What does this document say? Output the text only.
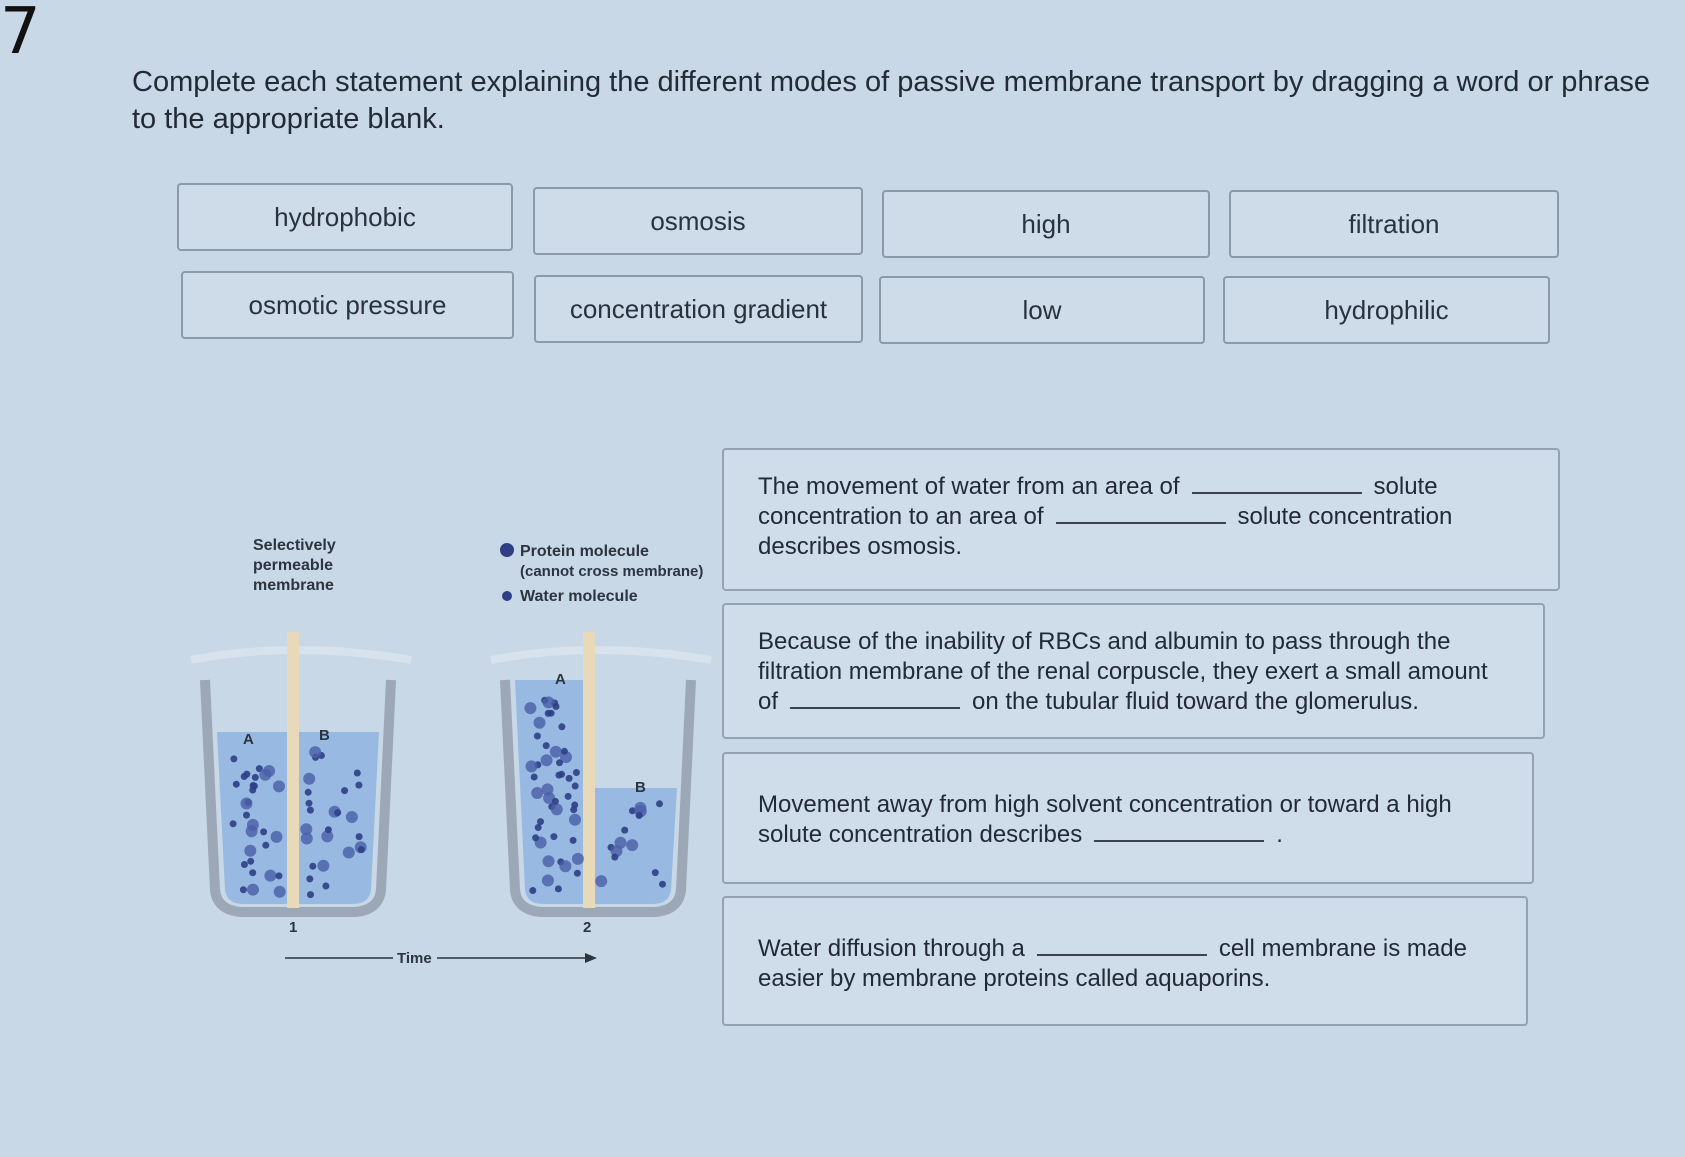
7

Complete each statement explaining the different modes of passive membrane transport by dragging a word or phrase to the appropriate blank.

hydrophobic	osmosis	high	filtration
osmotic pressure	concentration gradient	low	hydrophilic
The movement of water from an area of	solute concentration to an area of	solute concentration describes osmosis.
Because of the inability of RBCs and albumin to pass through the filtration membrane of the renal corpuscle, they exert a small amount of	on the tubular fluid toward the glomerulus.
Movement away from high solvent concentration or toward a high solute concentration describes	.
Water diffusion through a	cell membrane is made easier by membrane proteins called aquaporins.
Selectively
permeable
membrane
Protein molecule
(cannot cross membrane)
Water molecule
A	B
1
A
B
2
Time
